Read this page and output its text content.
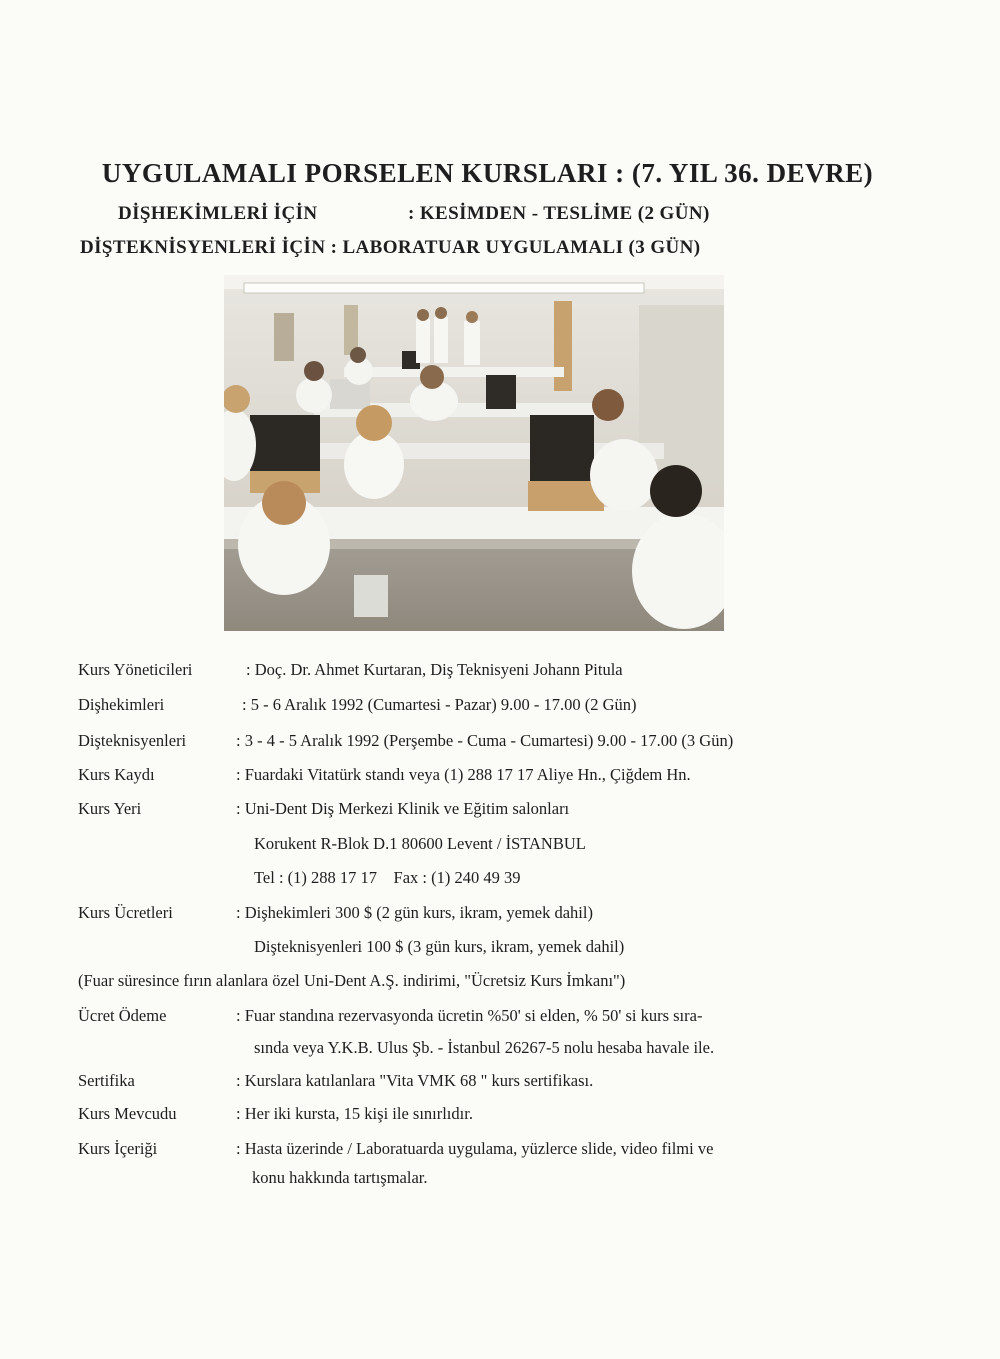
UYGULAMALI PORSELEN KURSLARI : (7. YIL 36. DEVRE)
DİŞHEKİMLERİ İÇİN	: KESİMDEN - TESLİME (2 GÜN)
DİŞTEKNİSYENLERİ İÇİN : LABORATUAR UYGULAMALI (3 GÜN)
Kurs Yöneticileri	: Doç. Dr. Ahmet Kurtaran, Diş Teknisyeni Johann Pitula
Dişhekimleri	: 5 - 6 Aralık 1992 (Cumartesi - Pazar) 9.00 - 17.00 (2 Gün)
Dişteknisyenleri	: 3 - 4 - 5 Aralık 1992 (Perşembe - Cuma - Cumartesi) 9.00 - 17.00 (3 Gün)
Kurs Kaydı	: Fuardaki Vitatürk standı veya (1) 288 17 17 Aliye Hn., Çiğdem Hn.
Kurs Yeri	: Uni-Dent Diş Merkezi Klinik ve Eğitim salonları
Korukent R-Blok D.1 80600 Levent / İSTANBUL
Tel : (1) 288 17 17    Fax : (1) 240 49 39
Kurs Ücretleri	: Dişhekimleri 300 $ (2 gün kurs, ikram, yemek dahil)
Dişteknisyenleri 100 $ (3 gün kurs, ikram, yemek dahil)
(Fuar süresince fırın alanlara özel Uni-Dent A.Ş. indirimi, "Ücretsiz Kurs İmkanı")
Ücret Ödeme	: Fuar standına rezervasyonda ücretin %50' si elden, % 50' si kurs sıra-
sında veya Y.K.B. Ulus Şb. - İstanbul 26267-5 nolu hesaba havale ile.
Sertifika	: Kurslara katılanlara "Vita VMK 68 " kurs sertifikası.
Kurs Mevcudu	: Her iki kursta, 15 kişi ile sınırlıdır.
Kurs İçeriği	: Hasta üzerinde / Laboratuarda uygulama, yüzlerce slide, video filmi ve
konu hakkında tartışmalar.
